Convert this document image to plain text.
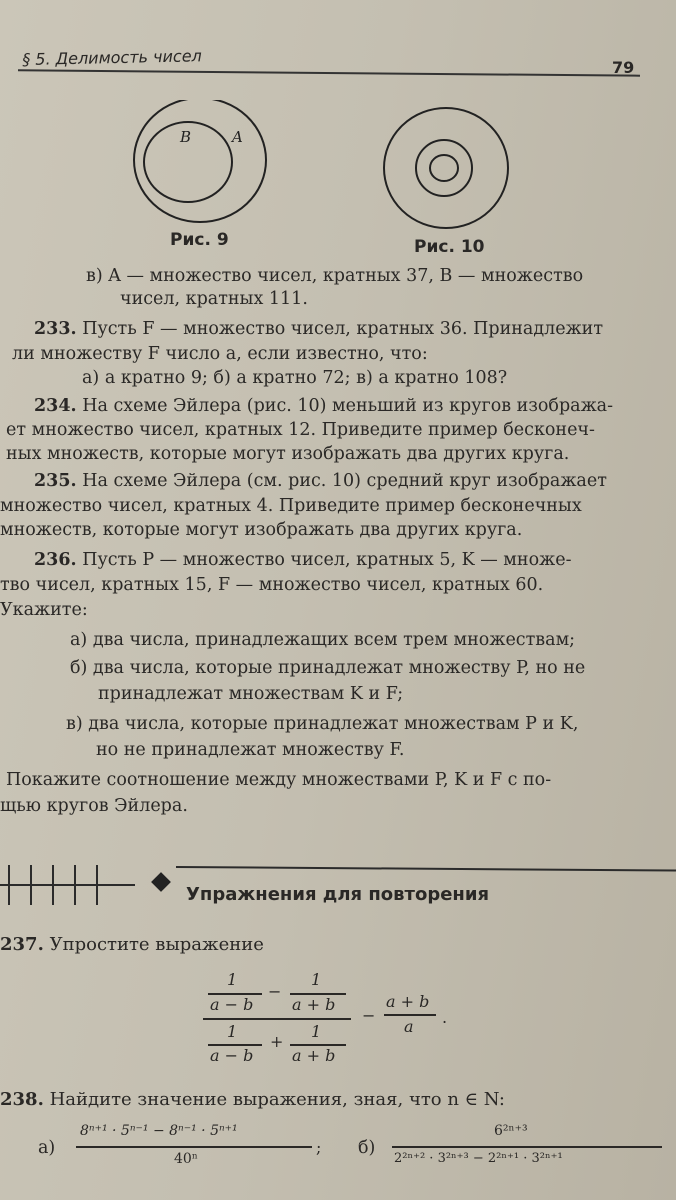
§ 5. Делимость чисел	79
B	A
Рис. 9	Рис. 10
в) A — множество чисел, кратных 37, B — множество
чисел, кратных 111.
233. Пусть F — множество чисел, кратных 36. Принадлежит
ли множеству F число a, если известно, что:
а) a кратно 9; б) a кратно 72; в) a кратно 108?
234. На схеме Эйлера (рис. 10) меньший из кругов изобража-
ет множество чисел, кратных 12. Приведите пример бесконеч-
ных множеств, которые могут изображать два других круга.
235. На схеме Эйлера (см. рис. 10) средний круг изображает
множество чисел, кратных 4. Приведите пример бесконечных
множеств, которые могут изображать два других круга.
236. Пусть P — множество чисел, кратных 5, K — множе-
тво чисел, кратных 15, F — множество чисел, кратных 60.
Укажите:
а) два числа, принадлежащих всем трем множествам;
б) два числа, которые принадлежат множеству P, но не
принадлежат множествам K и F;
в) два числа, которые принадлежат множествам P и K,
но не принадлежат множеству F.
Покажите соотношение между множествами P, K и F с по-
щью кругов Эйлера.
Упражнения для повторения
237. Упростите выражение
1
a − b
−
1
a + b
1
a − b
+
1
a + b
−
a + b
a .
238. Найдите значение выражения, зная, что n ∈ N:
а)
8ⁿ⁺¹ · 5ⁿ⁻¹ − 8ⁿ⁻¹ · 5ⁿ⁺¹
40ⁿ
; б)
6²ⁿ⁺³
2²ⁿ⁺² · 3²ⁿ⁺³ − 2²ⁿ⁺¹ · 3²ⁿ⁺¹
